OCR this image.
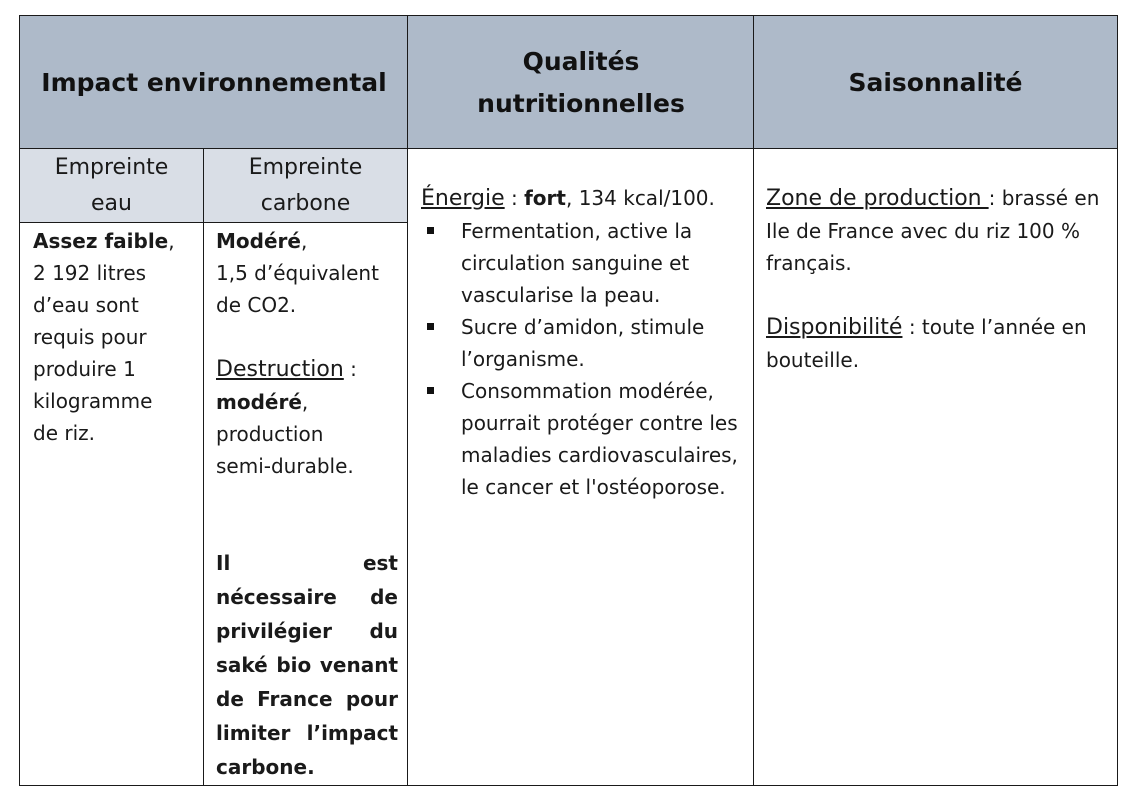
Impact environnemental
Qualités
nutritionnelles
Saisonnalité
Empreinte
eau
Empreinte
carbone
Assez faible,
2 192 litres
d’eau sont
requis pour
produire 1
kilogramme
de riz.
Modéré,
1,5 d’équivalent
de CO2.
Destruction :
modéré,
production
semi-durable.
Il est nécessaire de privilégier du saké bio venant de France pour limiter l’impact carbone.
Énergie : fort, 134 kcal/100.
Fermentation, active la circulation sanguine et vascularise la peau.
Sucre d’amidon, stimule l’organisme.
Consommation modérée, pourrait protéger contre les maladies cardiovasculaires, le cancer et l'ostéoporose.
Zone de production : brassé en Ile de France avec du riz 100 % français.
Disponibilité : toute l’année en bouteille.
